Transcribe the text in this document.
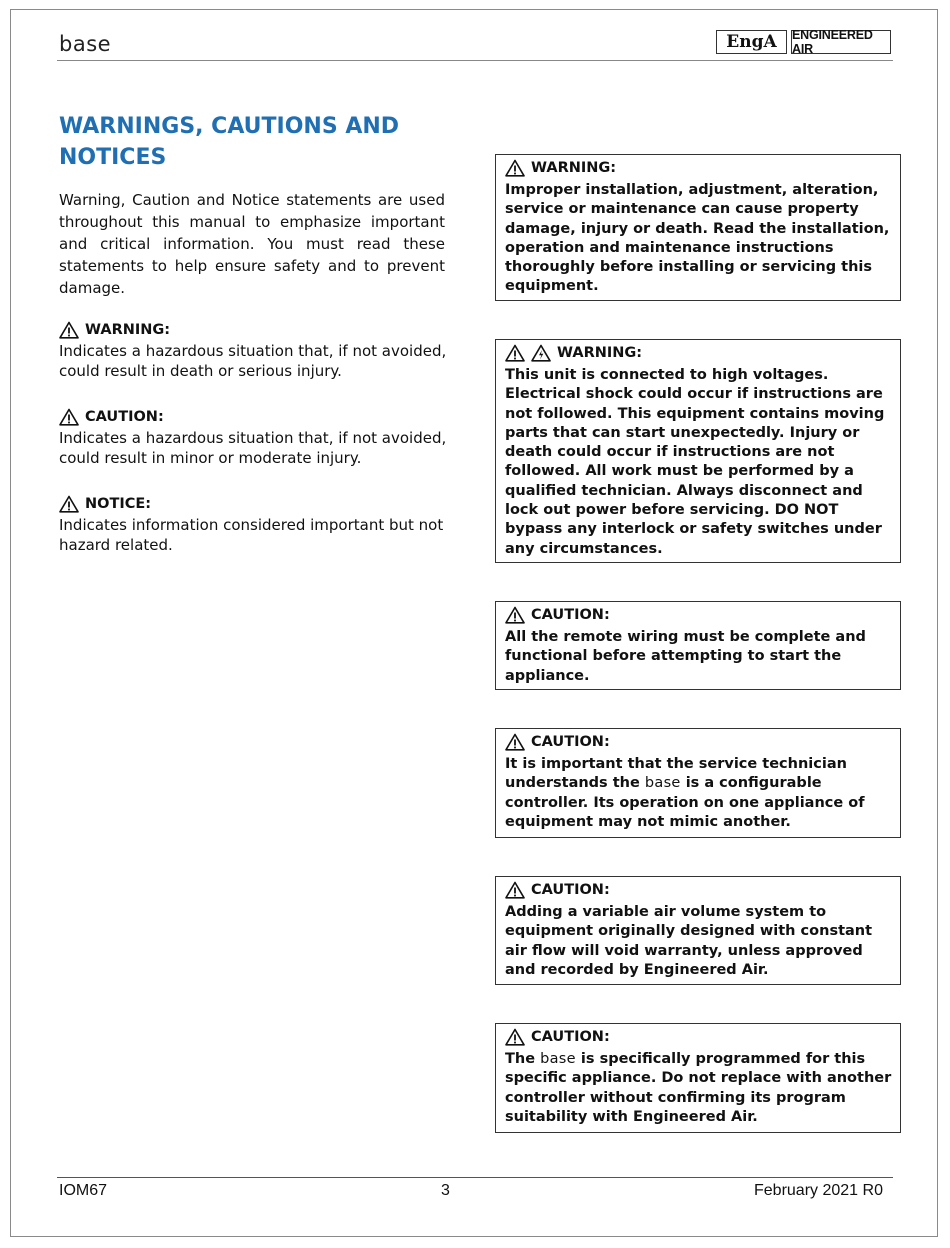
base	EngA	ENGINEERED AIR
WARNINGS, CAUTIONS AND NOTICES

Warning, Caution and Notice statements are used throughout this manual to emphasize important and critical information. You must read these statements to help ensure safety and to prevent damage.

WARNING:

Indicates a hazardous situation that, if not avoided, could result in death or serious injury.

CAUTION:

Indicates a hazardous situation that, if not avoided, could result in minor or moderate injury.

NOTICE:

Indicates information considered important but not hazard related.

WARNING:

Improper installation, adjustment, alteration, service or maintenance can cause property damage, injury or death. Read the installation, operation and maintenance instructions thoroughly before installing or servicing this equipment.

WARNING:

This unit is connected to high voltages. Electrical shock could occur if instructions are not followed. This equipment contains moving parts that can start unexpectedly. Injury or death could occur if instructions are not followed. All work must be performed by a qualified technician. Always disconnect and lock out power before servicing. DO NOT bypass any interlock or safety switches under any circumstances.

CAUTION:

All the remote wiring must be complete and functional before attempting to start the appliance.

CAUTION:

It is important that the service technician understands the base is a configurable controller. Its operation on one appliance of equipment may not mimic another.

CAUTION:

Adding a variable air volume system to equipment originally designed with constant air flow will void warranty, unless approved and recorded by Engineered Air.

CAUTION:

The base is specifically programmed for this specific appliance. Do not replace with another controller without confirming its program suitability with Engineered Air.

IOM67	3	February 2021 R0
